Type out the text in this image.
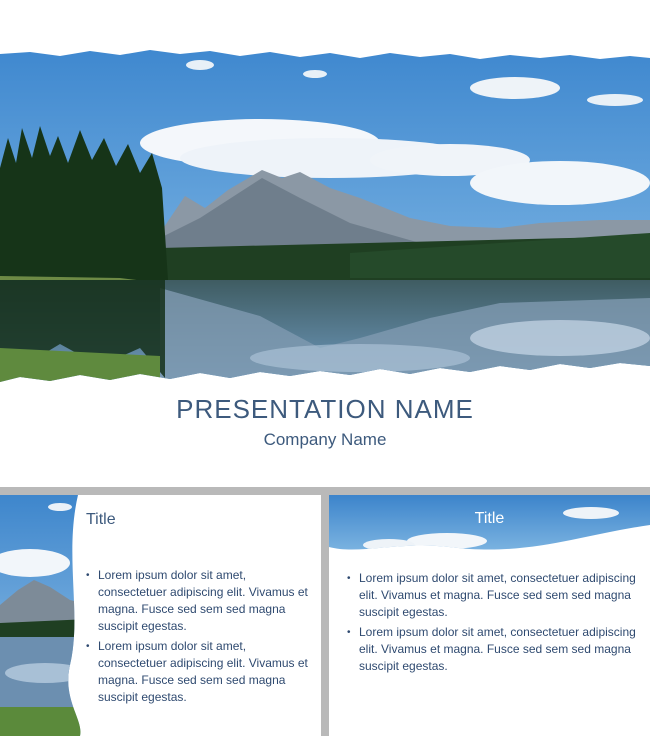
PRESENTATION NAME
Company Name
Title
• Lorem ipsum dolor sit amet, consectetuer adipiscing elit. Vivamus et magna. Fusce sed sem sed magna suscipit egestas.
• Lorem ipsum dolor sit amet, consectetuer adipiscing elit. Vivamus et magna. Fusce sed sem sed magna suscipit egestas.
Title
• Lorem ipsum dolor sit amet, consectetuer adipiscing elit. Vivamus et magna. Fusce sed sem sed magna suscipit egestas.
• Lorem ipsum dolor sit amet, consectetuer adipiscing elit. Vivamus et magna. Fusce sed sem sed magna suscipit egestas.
